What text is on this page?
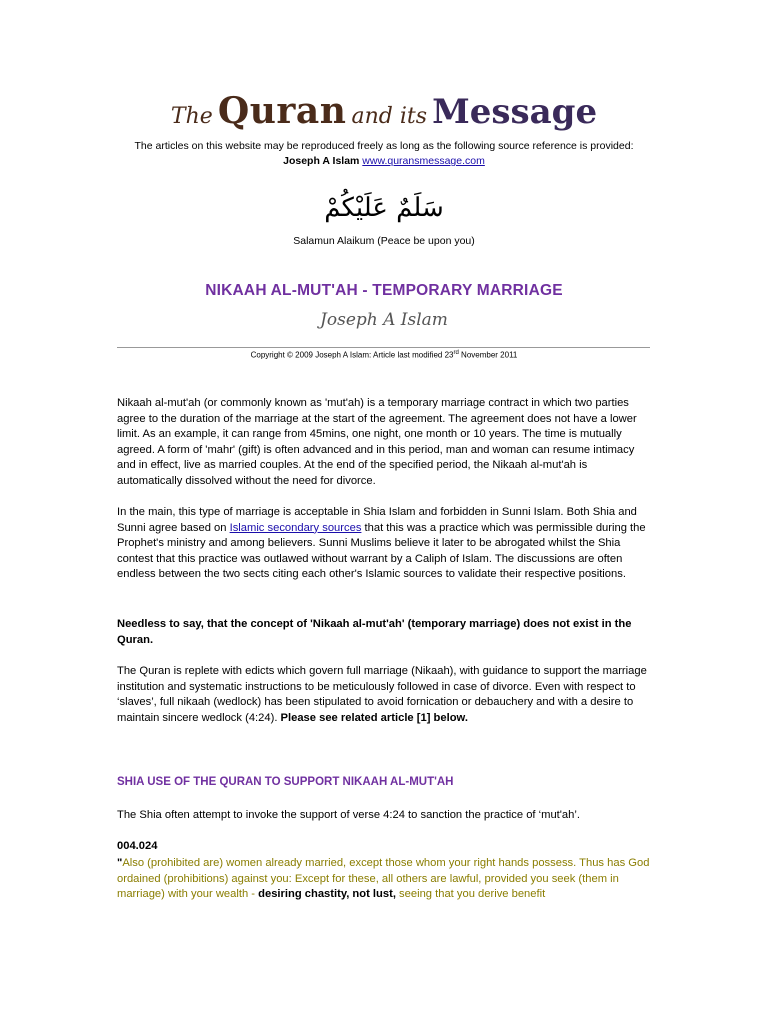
The Quran and its Message
The articles on this website may be reproduced freely as long as the following source reference is provided:
Joseph A Islam www.quransmessage.com
سَلَمٌ عَلَيْكُمْ
Salamun Alaikum (Peace be upon you)
NIKAAH AL-MUT'AH - TEMPORARY MARRIAGE
Joseph A Islam
Copyright © 2009 Joseph A Islam: Article last modified 23rd November 2011

Nikaah al-mut'ah (or commonly known as 'mut'ah) is a temporary marriage contract in which two parties agree to the duration of the marriage at the start of the agreement. The agreement does not have a lower limit. As an example, it can range from 45mins, one night, one month or 10 years. The time is mutually agreed. A form of 'mahr' (gift) is often advanced and in this period, man and woman can resume intimacy and in effect, live as married couples. At the end of the specified period, the Nikaah al-mut'ah is automatically dissolved without the need for divorce.

In the main, this type of marriage is acceptable in Shia Islam and forbidden in Sunni Islam. Both Shia and Sunni agree based on Islamic secondary sources that this was a practice which was permissible during the Prophet's ministry and among believers. Sunni Muslims believe it later to be abrogated whilst the Shia contest that this practice was outlawed without warrant by a Caliph of Islam. The discussions are often endless between the two sects citing each other's Islamic sources to validate their respective positions.

Needless to say, that the concept of 'Nikaah al-mut'ah' (temporary marriage) does not exist in the Quran.

The Quran is replete with edicts which govern full marriage (Nikaah), with guidance to support the marriage institution and systematic instructions to be meticulously followed in case of divorce. Even with respect to ‘slaves’, full nikaah (wedlock) has been stipulated to avoid fornication or debauchery and with a desire to maintain sincere wedlock (4:24). Please see related article [1] below.

SHIA USE OF THE QURAN TO SUPPORT NIKAAH AL-MUT'AH

The Shia often attempt to invoke the support of verse 4:24 to sanction the practice of ‘mut'ah’.

004.024

"Also (prohibited are) women already married, except those whom your right hands possess. Thus has God ordained (prohibitions) against you: Except for these, all others are lawful, provided you seek (them in marriage) with your wealth - desiring chastity, not lust, seeing that you derive benefit
